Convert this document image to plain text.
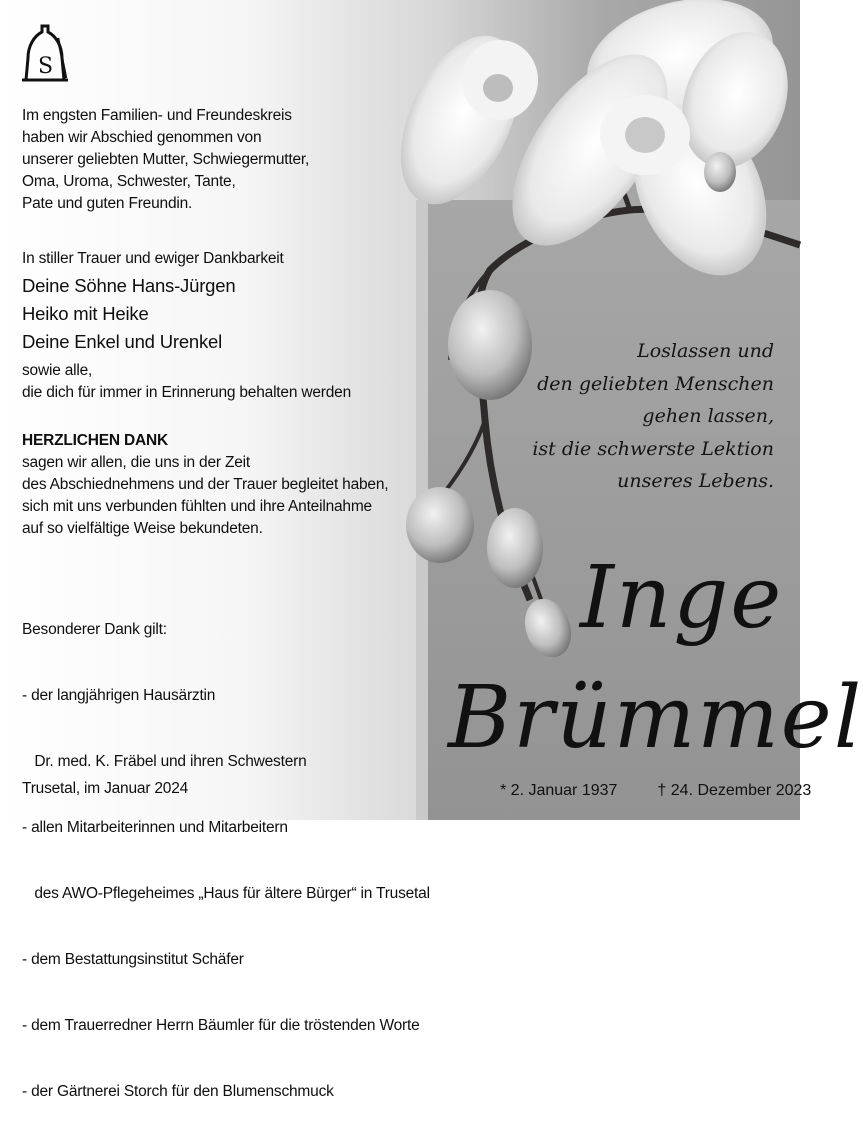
S
Im engsten Familien- und Freundeskreis
haben wir Abschied genommen von
unserer geliebten Mutter, Schwiegermutter,
Oma, Uroma, Schwester, Tante,
Pate und guten Freundin.
In stiller Trauer und ewiger Dankbarkeit
Deine Söhne Hans-Jürgen
Heiko mit Heike
Deine Enkel und Urenkel
sowie alle,
die dich für immer in Erinnerung behalten werden
HERZLICHEN DANK
sagen wir allen, die uns in der Zeit
des Abschiednehmens und der Trauer begleitet haben,
sich mit uns verbunden fühlten und ihre Anteilnahme
auf so vielfältige Weise bekundeten.

Besonderer Dank gilt:

- der langjährigen Hausärztin

Dr. med. K. Fräbel und ihren Schwestern

- allen Mitarbeiterinnen und Mitarbeitern

des AWO-Pflegeheimes „Haus für ältere Bürger“ in Trusetal

- dem Bestattungsinstitut Schäfer

- dem Trauerredner Herrn Bäumler für die tröstenden Worte

- der Gärtnerei Storch für den Blumenschmuck

Trusetal, im Januar 2024
Loslassen und
den geliebten Menschen
gehen lassen,
ist die schwerste Lektion
unseres Lebens.
Inge
Brümmel
* 2. Januar 1937	† 24. Dezember 2023
